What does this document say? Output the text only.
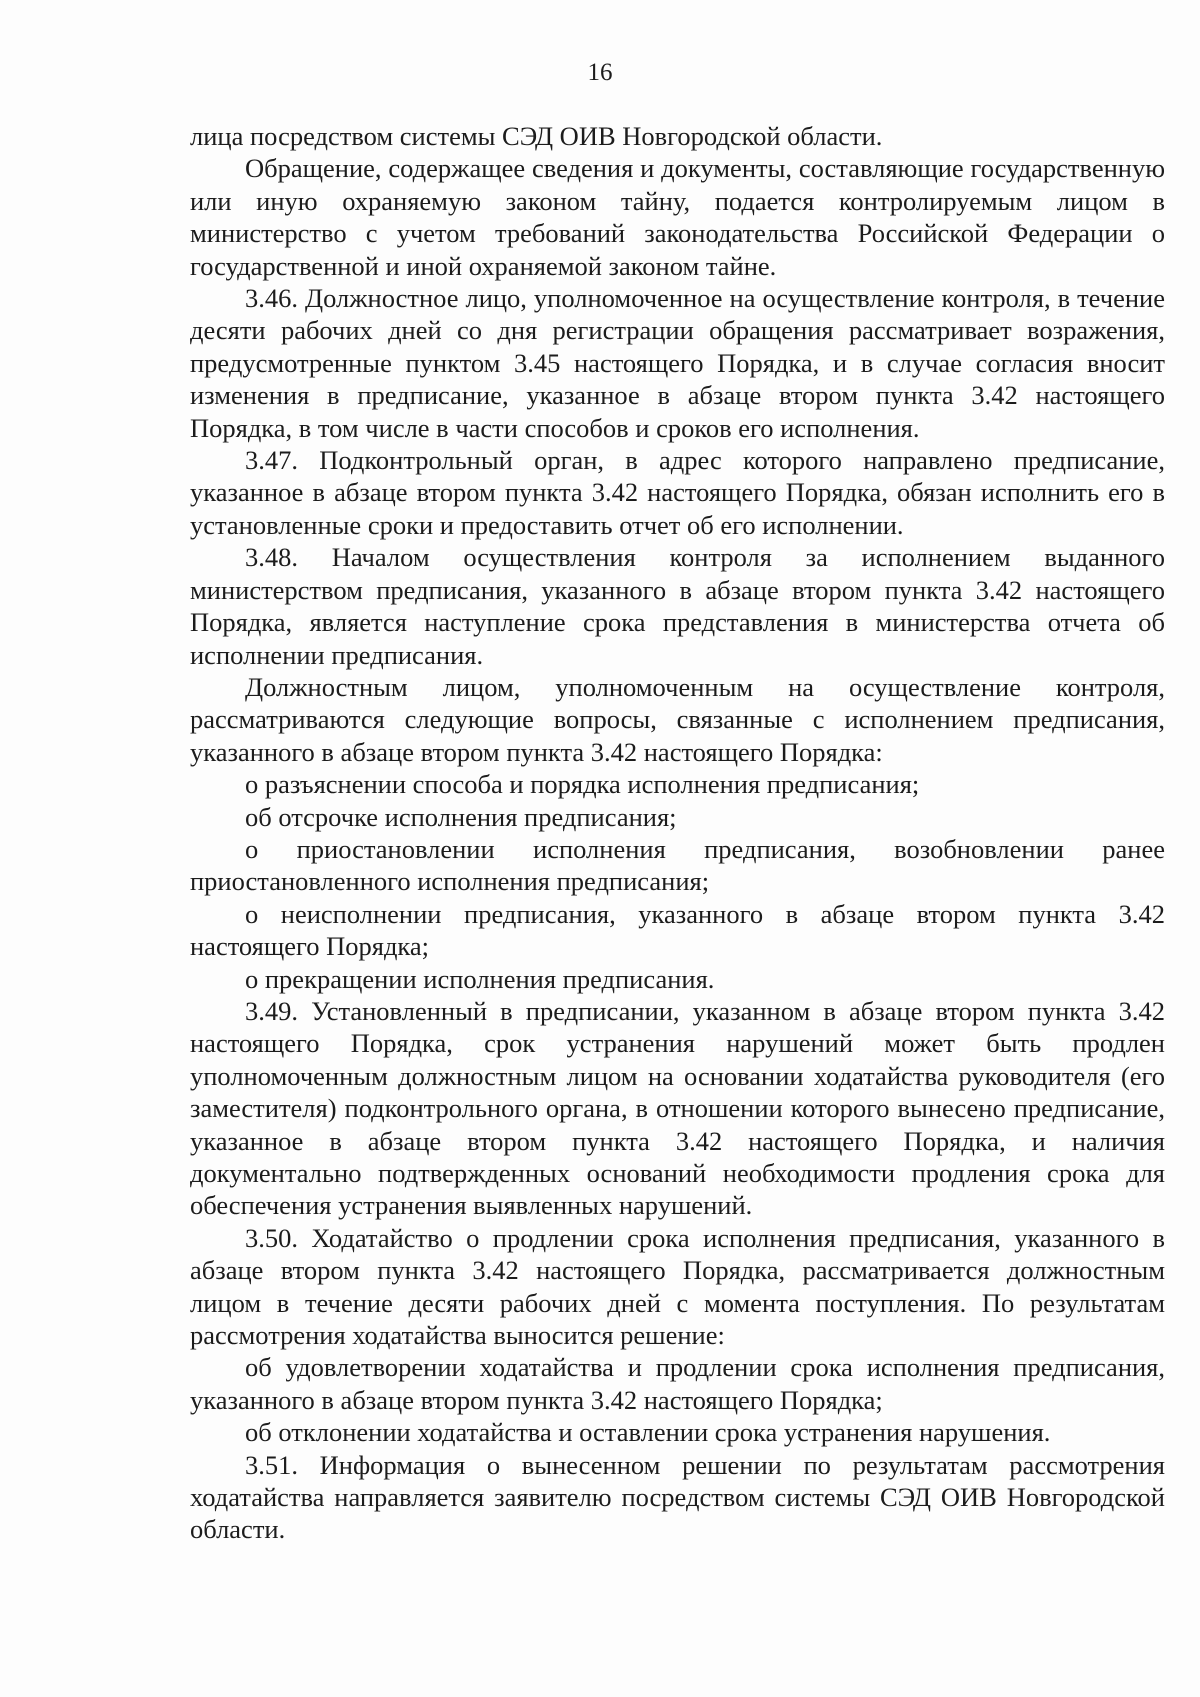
16

лица посредством системы СЭД ОИВ Новгородской области.

Обращение, содержащее сведения и документы, составляющие государственную или иную охраняемую законом тайну, подается контролируемым лицом в министерство с учетом требований законодательства Российской Федерации о государственной и иной охраняемой законом тайне.

3.46. Должностное лицо, уполномоченное на осуществление контроля, в течение десяти рабочих дней со дня регистрации обращения рассматривает возражения, предусмотренные пунктом 3.45 настоящего Порядка, и в случае согласия вносит изменения в предписание, указанное в абзаце втором пункта 3.42 настоящего Порядка, в том числе в части способов и сроков его исполнения.

3.47. Подконтрольный орган, в адрес которого направлено предписание, указанное в абзаце втором пункта 3.42 настоящего Порядка, обязан исполнить его в установленные сроки и предоставить отчет об его исполнении.

3.48. Началом осуществления контроля за исполнением выданного министерством предписания, указанного в абзаце втором пункта 3.42 настоящего Порядка, является наступление срока представления в министерства отчета об исполнении предписания.

Должностным лицом, уполномоченным на осуществление контроля, рассматриваются следующие вопросы, связанные с исполнением предписания, указанного в абзаце втором пункта 3.42 настоящего Порядка:

о разъяснении способа и порядка исполнения предписания;

об отсрочке исполнения предписания;

о приостановлении исполнения предписания, возобновлении ранее приостановленного исполнения предписания;

о неисполнении предписания, указанного в абзаце втором пункта 3.42 настоящего Порядка;

о прекращении исполнения предписания.

3.49. Установленный в предписании, указанном в абзаце втором пункта 3.42 настоящего Порядка, срок устранения нарушений может быть продлен уполномоченным должностным лицом на основании ходатайства руководителя (его заместителя) подконтрольного органа, в отношении которого вынесено предписание, указанное в абзаце втором пункта 3.42 настоящего Порядка, и наличия документально подтвержденных оснований необходимости продления срока для обеспечения устранения выявленных нарушений.

3.50. Ходатайство о продлении срока исполнения предписания, указанного в абзаце втором пункта 3.42 настоящего Порядка, рассматривается должностным лицом в течение десяти рабочих дней с момента поступления. По результатам рассмотрения ходатайства выносится решение:

об удовлетворении ходатайства и продлении срока исполнения предписания, указанного в абзаце втором пункта 3.42 настоящего Порядка;

об отклонении ходатайства и оставлении срока устранения нарушения.

3.51. Информация о вынесенном решении по результатам рассмотрения ходатайства направляется заявителю посредством системы СЭД ОИВ Новгородской области.
